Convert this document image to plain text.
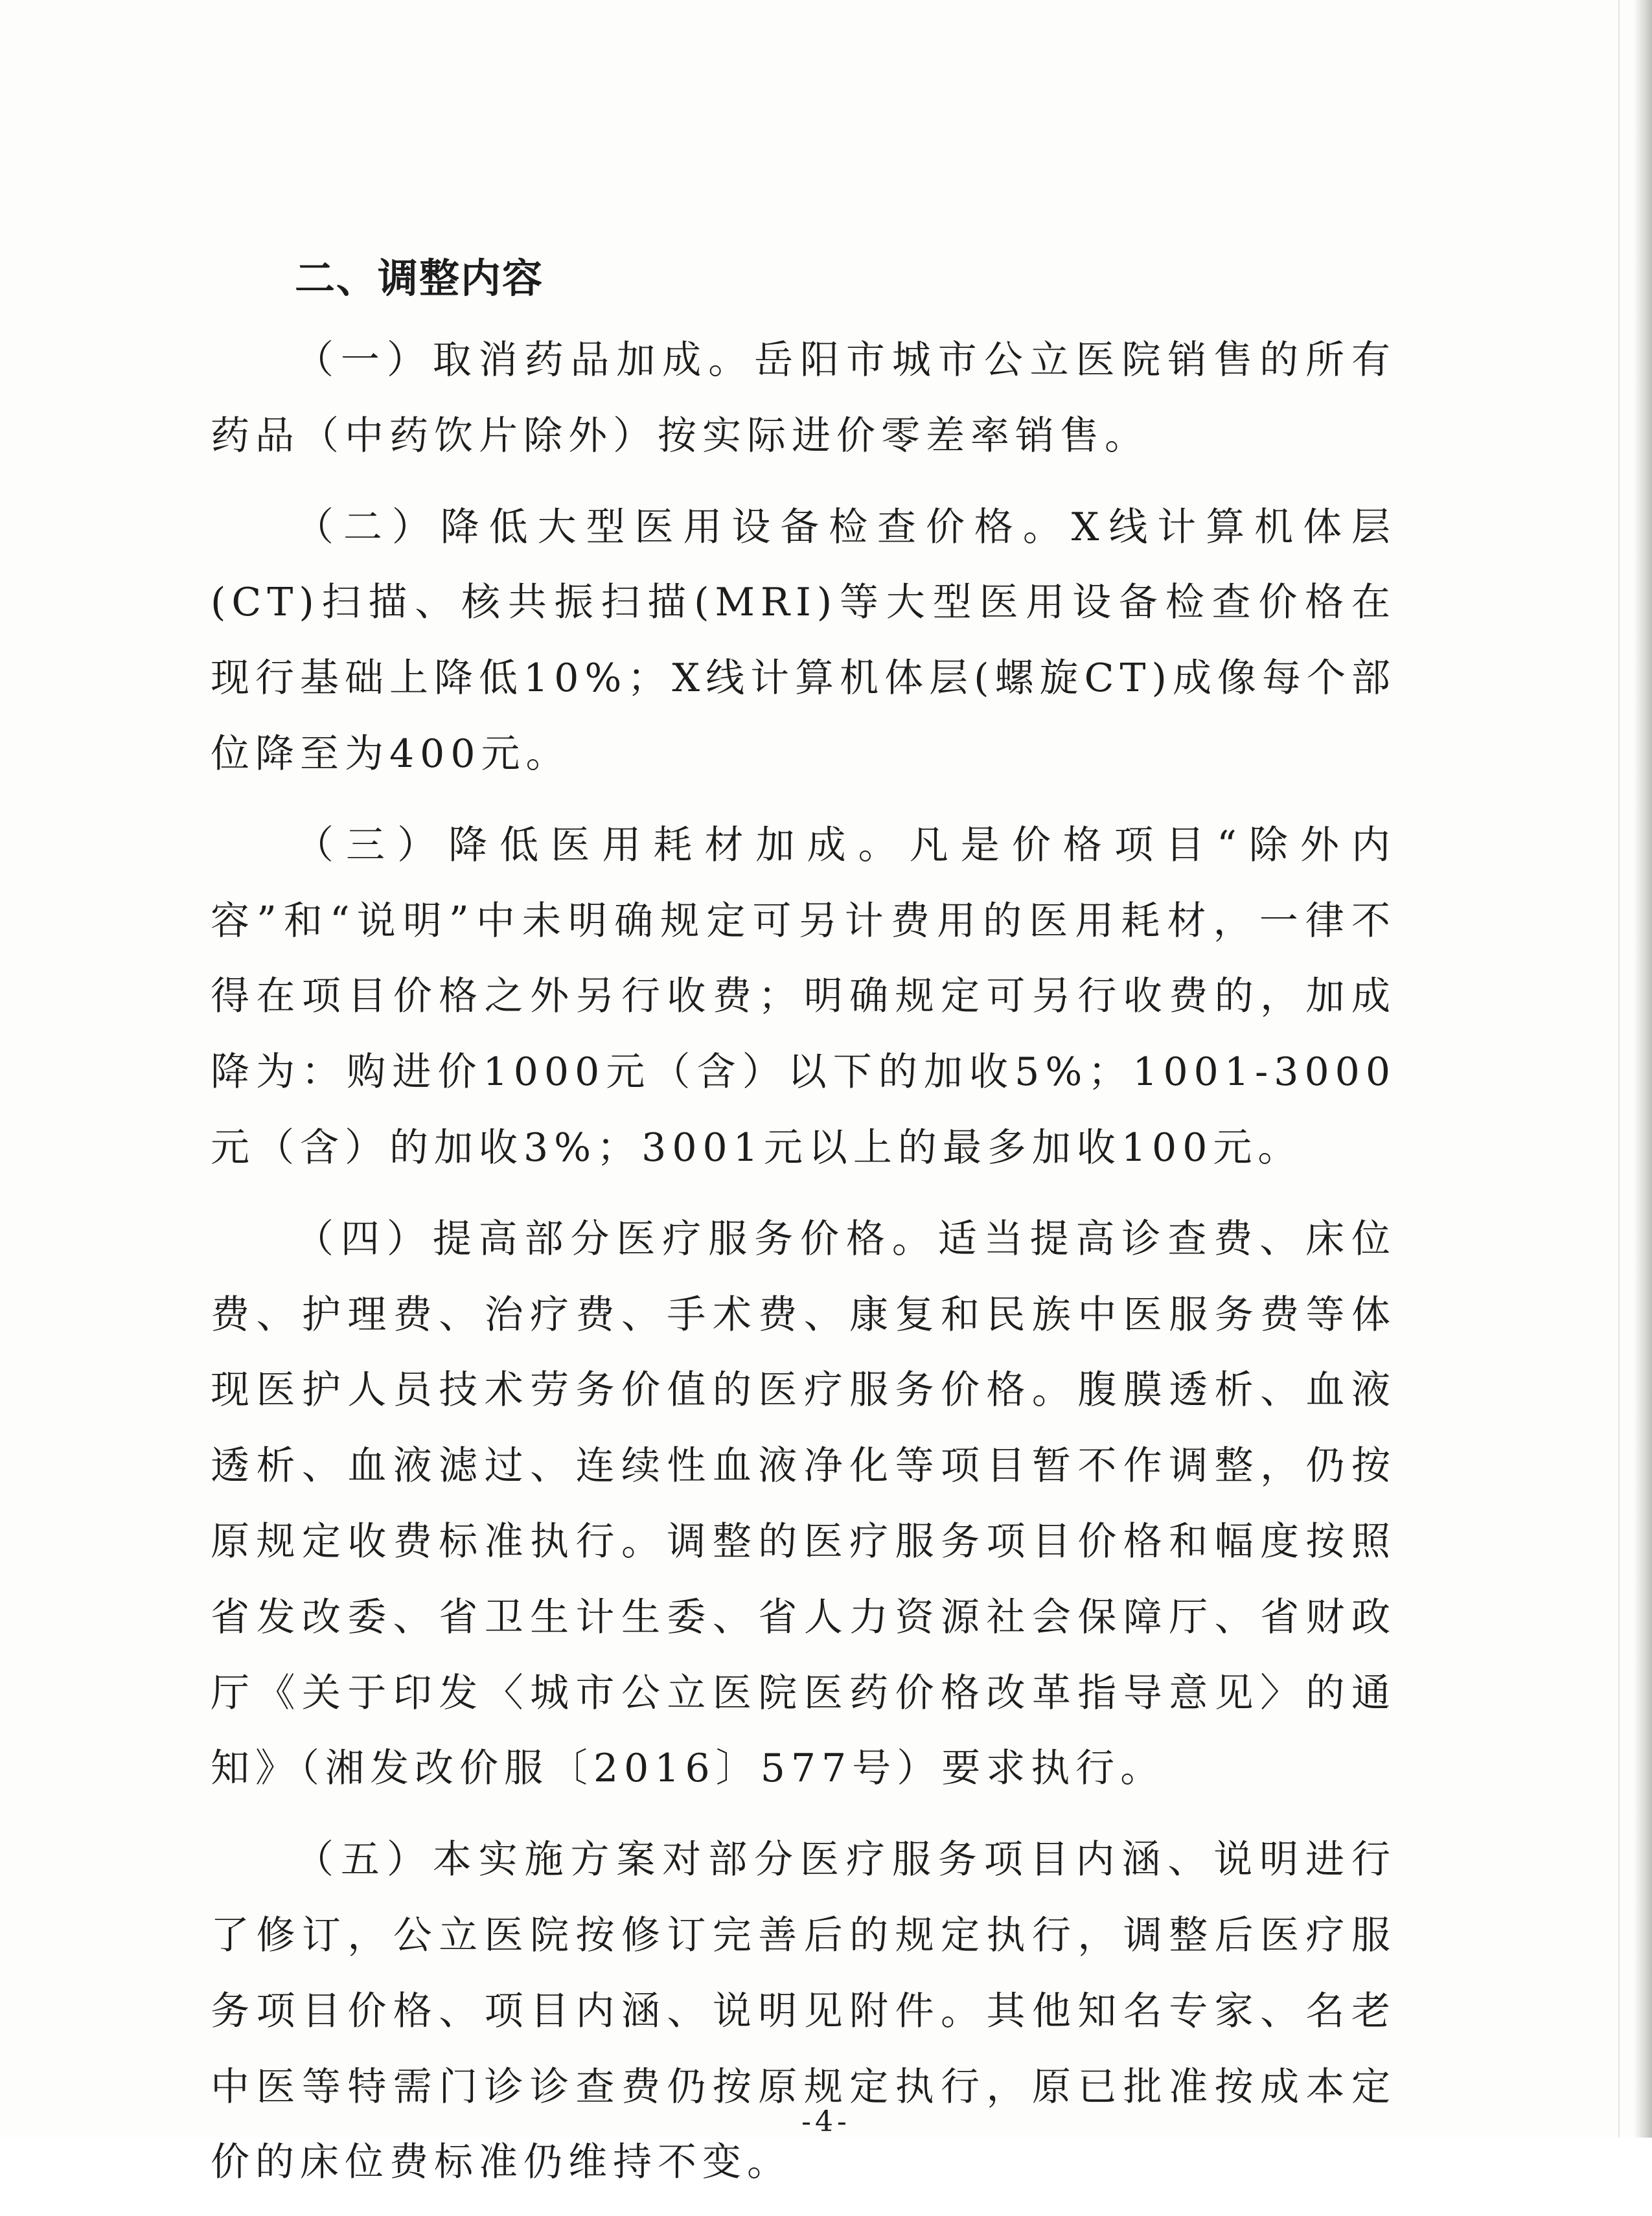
二、调整内容

（一）取消药品加成。岳阳市城市公立医院销售的所有药品（中药饮片除外）按实际进价零差率销售。

（二）降低大型医用设备检查价格。X线计算机体层(CT)扫描、核共振扫描(MRI)等大型医用设备检查价格在现行基础上降低10%；X线计算机体层(螺旋CT)成像每个部位降至为400元。

（三）降低医用耗材加成。凡是价格项目“除外内容”和“说明”中未明确规定可另计费用的医用耗材，一律不得在项目价格之外另行收费；明确规定可另行收费的，加成降为：购进价1000元（含）以下的加收5%；1001-3000元（含）的加收3%；3001元以上的最多加收100元。

（四）提高部分医疗服务价格。适当提高诊查费、床位费、护理费、治疗费、手术费、康复和民族中医服务费等体现医护人员技术劳务价值的医疗服务价格。腹膜透析、血液透析、血液滤过、连续性血液净化等项目暂不作调整，仍按原规定收费标准执行。调整的医疗服务项目价格和幅度按照省发改委、省卫生计生委、省人力资源社会保障厅、省财政厅《关于印发〈城市公立医院医药价格改革指导意见〉的通知》（湘发改价服〔2016〕577号）要求执行。

（五）本实施方案对部分医疗服务项目内涵、说明进行了修订，公立医院按修订完善后的规定执行，调整后医疗服务项目价格、项目内涵、说明见附件。其他知名专家、名老中医等特需门诊诊查费仍按原规定执行，原已批准按成本定价的床位费标准仍维持不变。

-4-
